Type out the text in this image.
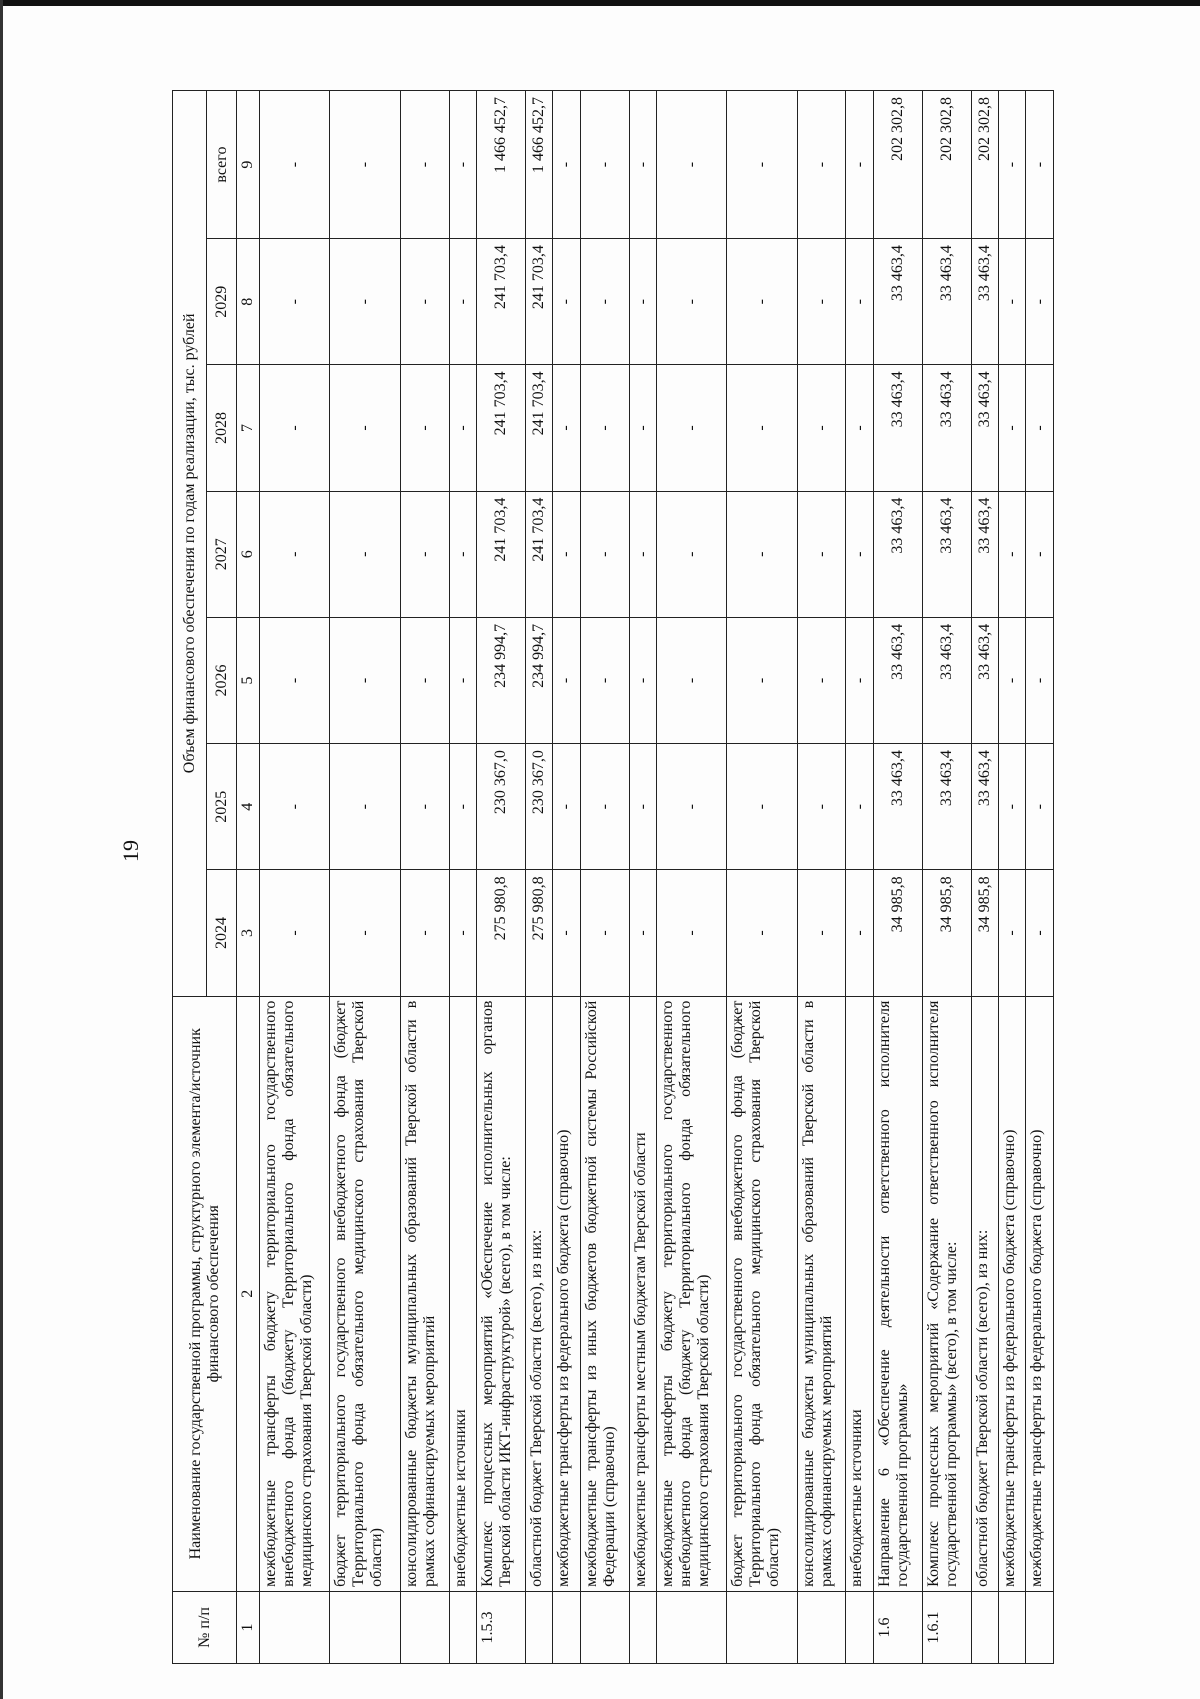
19
№ п/п	Наименование государственной программы, структурного элемента/источник финансового обеспечения	Объем финансового обеспечения по годам реализации, тыс. рублей						
		2024	2025	2026	2027	2028	2029	всего
1	2	3	4	5	6	7	8	9
	межбюджетные трансферты бюджету территориального государственного внебюджетного фонда (бюджету Территориального фонда обязательного медицинского страхования Тверской области)	-	-	-	-	-	-	-
	бюджет территориального государственного внебюджетного фонда (бюджет Территориального фонда обязательного медицинского страхования Тверской области)	-	-	-	-	-	-	-
	консолидированные бюджеты муниципальных образований Тверской области в рамках софинансируемых мероприятий	-	-	-	-	-	-	-
	внебюджетные источники	-	-	-	-	-	-	-
1.5.3	Комплекс процессных мероприятий «Обеспечение исполнительных органов Тверской области ИКТ-инфраструктурой» (всего), в том числе:	275 980,8	230 367,0	234 994,7	241 703,4	241 703,4	241 703,4	1 466 452,7
	областной бюджет Тверской области (всего), из них:	275 980,8	230 367,0	234 994,7	241 703,4	241 703,4	241 703,4	1 466 452,7
	межбюджетные трансферты из федерального бюджета (справочно)	-	-	-	-	-	-	-
	межбюджетные трансферты из иных бюджетов бюджетной системы Российской Федерации (справочно)	-	-	-	-	-	-	-
	межбюджетные трансферты местным бюджетам Тверской области	-	-	-	-	-	-	-
	межбюджетные трансферты бюджету территориального государственного внебюджетного фонда (бюджету Территориального фонда обязательного медицинского страхования Тверской области)	-	-	-	-	-	-	-
	бюджет территориального государственного внебюджетного фонда (бюджет Территориального фонда обязательного медицинского страхования Тверской области)	-	-	-	-	-	-	-
	консолидированные бюджеты муниципальных образований Тверской области в рамках софинансируемых мероприятий	-	-	-	-	-	-	-
	внебюджетные источники	-	-	-	-	-	-	-
1.6	Направление 6 «Обеспечение деятельности ответственного исполнителя государственной программы»	34 985,8	33 463,4	33 463,4	33 463,4	33 463,4	33 463,4	202 302,8
1.6.1	Комплекс процессных мероприятий «Содержание ответственного исполнителя государственной программы» (всего), в том числе:	34 985,8	33 463,4	33 463,4	33 463,4	33 463,4	33 463,4	202 302,8
	областной бюджет Тверской области (всего), из них:	34 985,8	33 463,4	33 463,4	33 463,4	33 463,4	33 463,4	202 302,8
	межбюджетные трансферты из федерального бюджета (справочно)	-	-	-	-	-	-	-
	межбюджетные трансферты из федерального бюджета (справочно)	-	-	-	-	-	-	-
